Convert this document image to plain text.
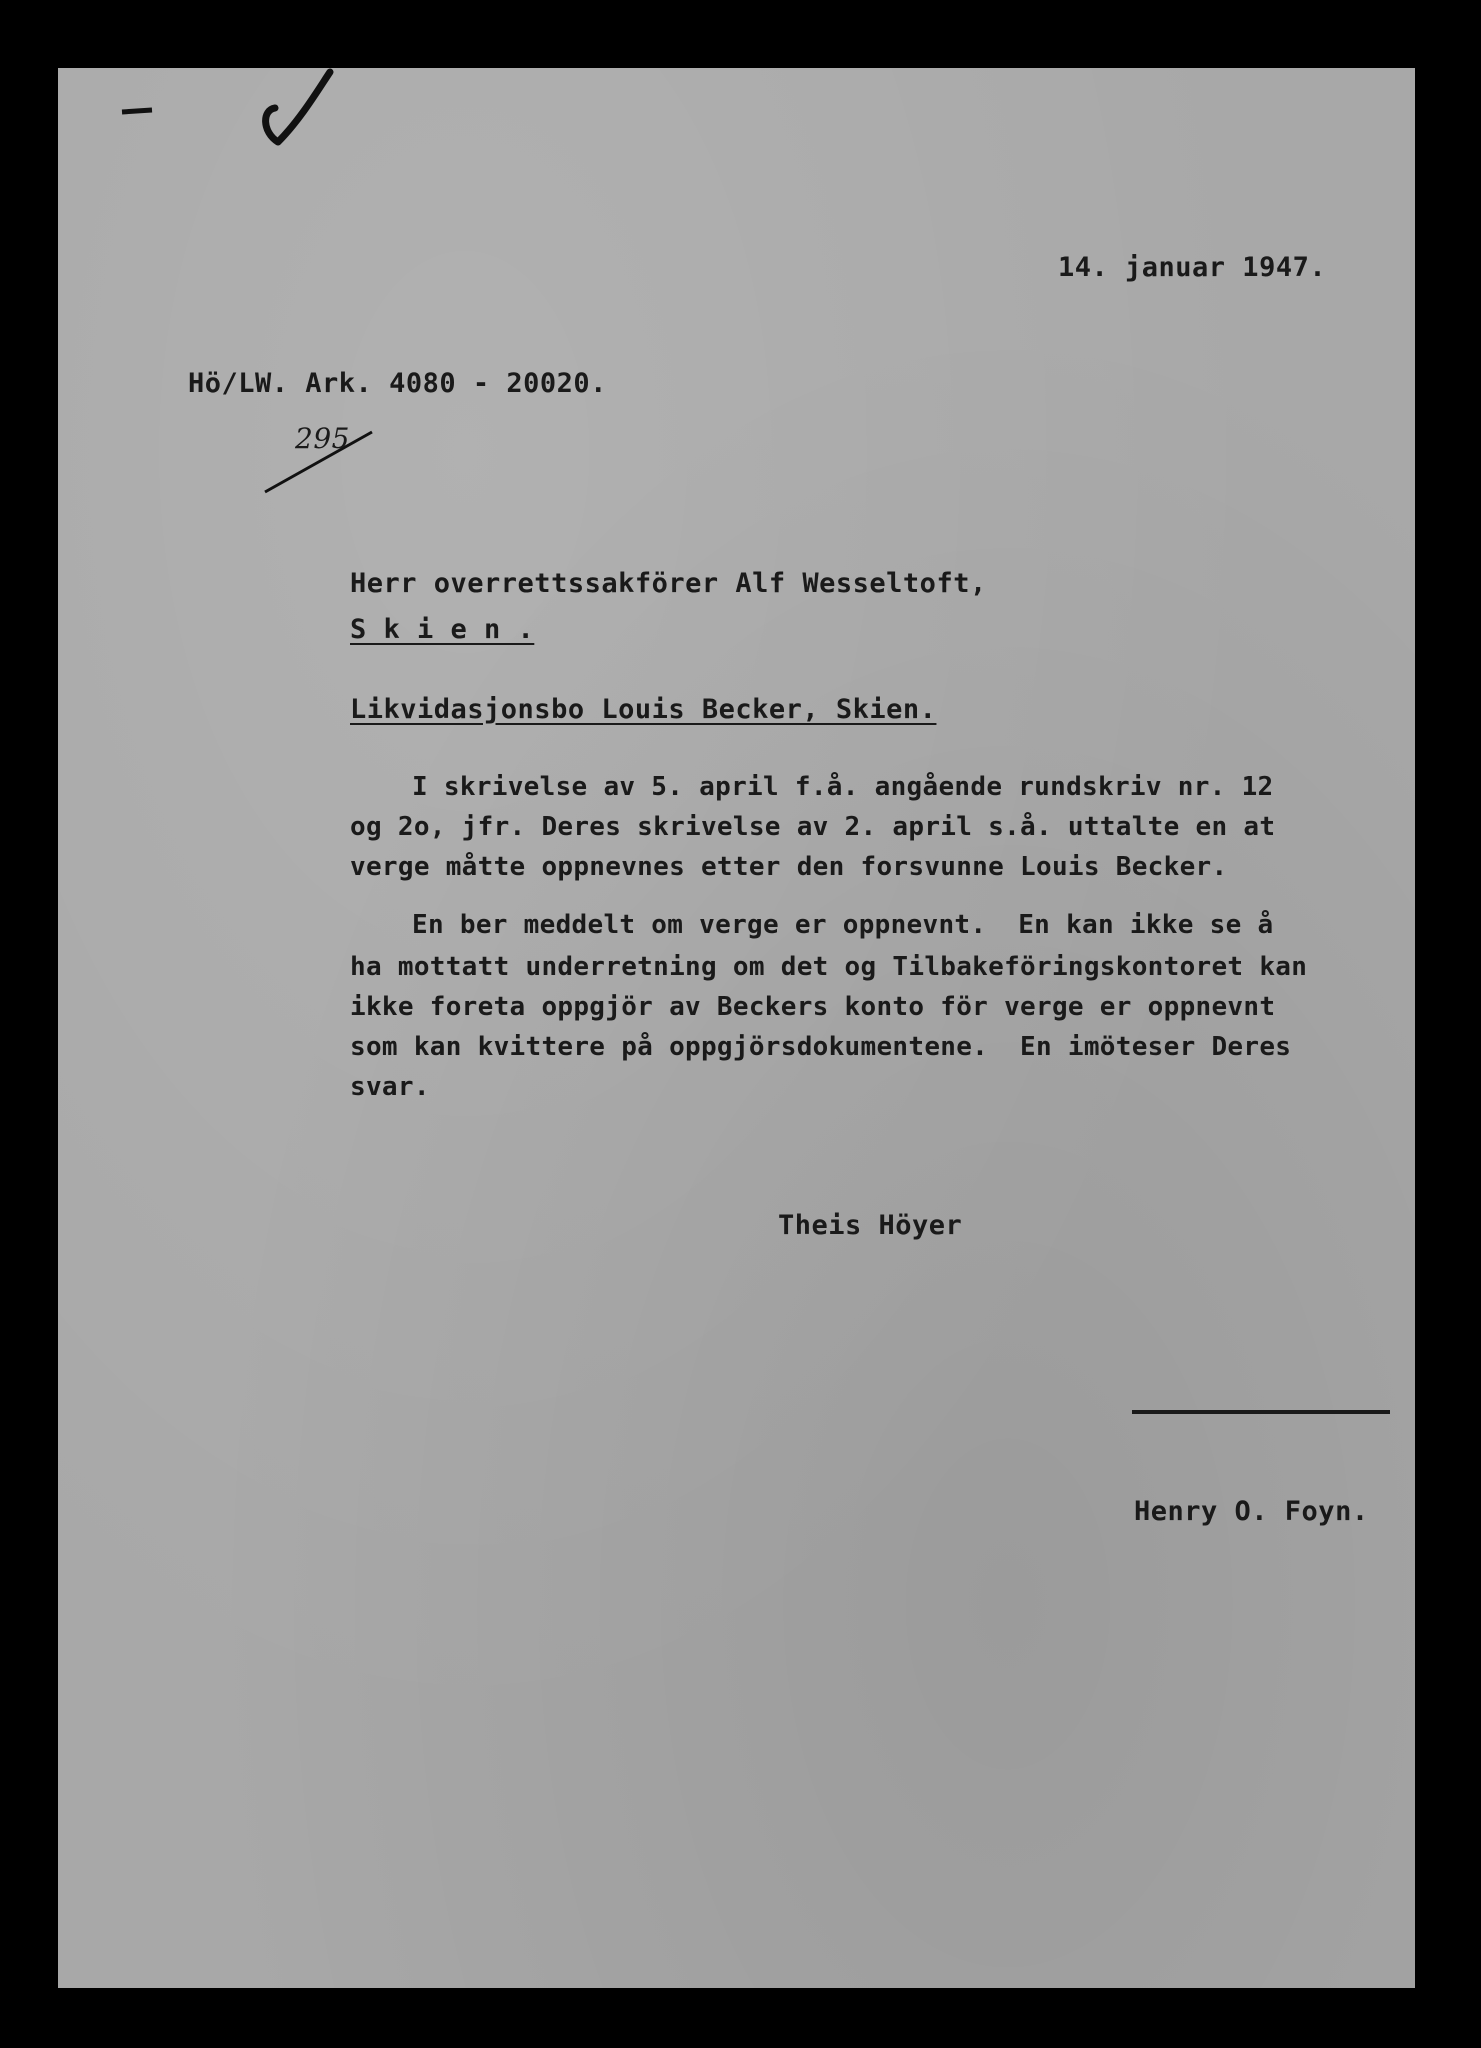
14. januar 1947.
Hö/LW. Ark. 4080 - 20020.
295
Herr overrettssakförer Alf Wesseltoft,
S k i e n .
Likvidasjonsbo Louis Becker, Skien.
I skrivelse av 5. april f.å. angående rundskriv nr. 12
og 2o, jfr. Deres skrivelse av 2. april s.å. uttalte en at
verge måtte oppnevnes etter den forsvunne Louis Becker.
En ber meddelt om verge er oppnevnt.  En kan ikke se å
ha mottatt underretning om det og Tilbakeföringskontoret kan
ikke foreta oppgjör av Beckers konto för verge er oppnevnt
som kan kvittere på oppgjörsdokumentene.  En imöteser Deres
svar.
Theis Höyer
Henry O. Foyn.
